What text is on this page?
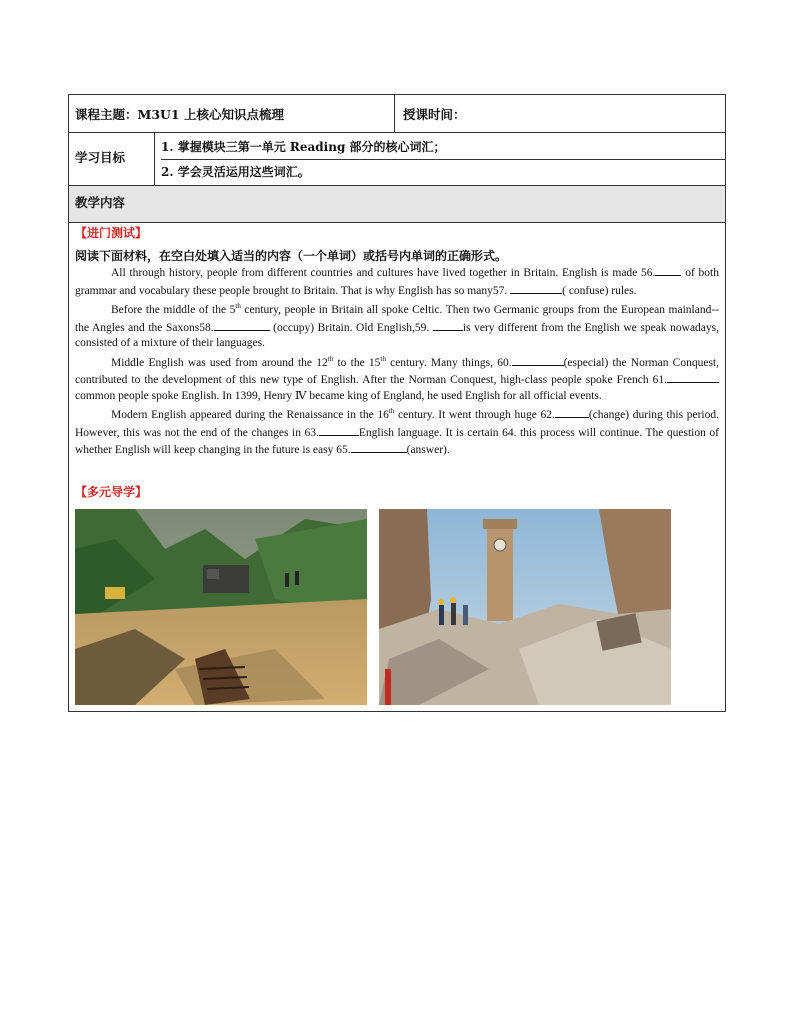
课程主题：M3U1 上核心知识点梳理	授课时间：
学习目标
1. 掌握模块三第一单元 Reading 部分的核心词汇；
2. 学会灵活运用这些词汇。
教学内容
【进门测试】
阅读下面材料，在空白处填入适当的内容（一个单词）或括号内单词的正确形式。

All through history, people from different countries and cultures have lived together in Britain. English is made 56. of both grammar and vocabulary these people brought to Britain. That is why English has so many57.	( confuse) rules.

Before the middle of the 5th century, people in Britain all spoke Celtic. Then two Germanic groups from the European mainland--the Angles and the Saxons58.	(occupy) Britain. Old English,59.	is very different from the English we speak nowadays, consisted of a mixture of their languages.

Middle English was used from around the 12th to the 15th century. Many things, 60.	(especial) the Norman Conquest, contributed to the development of this new type of English. After the Norman Conquest, high-class people spoke French 61. common people spoke English. In 1399, Henry Ⅳ became king of England, he used English for all official events.

Modern English appeared during the Renaissance in the 16th century. It went through huge 62.	(change) during this period. However, this was not the end of the changes in 63.	English language. It is certain 64. this process will continue. The question of whether English will keep changing in the future is easy 65.	(answer).

【多元导学】
